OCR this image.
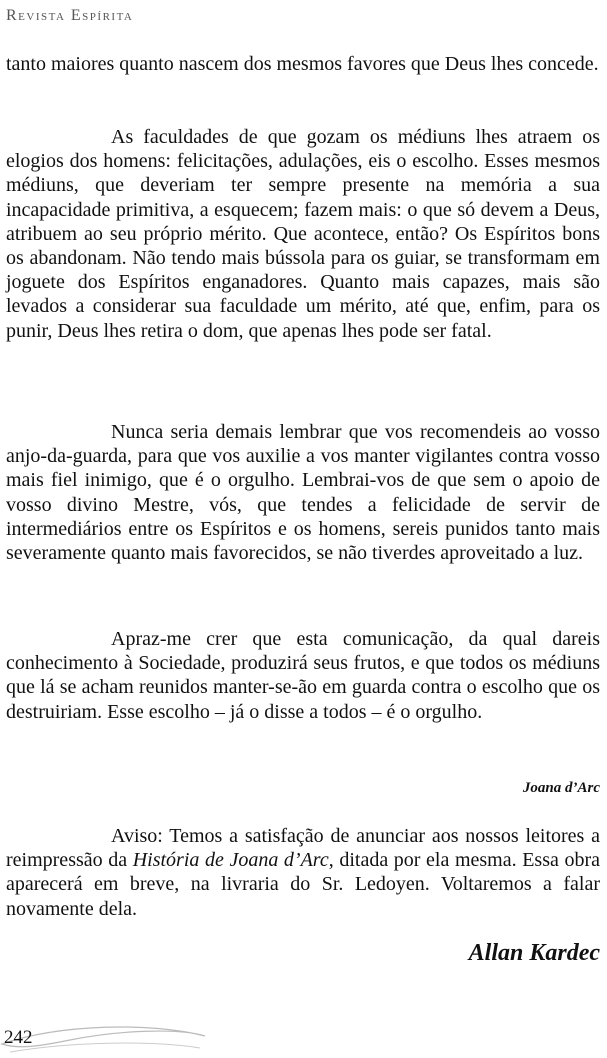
Revista Espírita

tanto maiores quanto nascem dos mesmos favores que Deus lhes concede.

As faculdades de que gozam os médiuns lhes atraem os elogios dos homens: felicitações, adulações, eis o escolho. Esses mesmos médiuns, que deveriam ter sempre presente na memória a sua incapacidade primitiva, a esquecem; fazem mais: o que só devem a Deus, atribuem ao seu próprio mérito. Que acontece, então? Os Espíritos bons os abandonam. Não tendo mais bússola para os guiar, se transformam em joguete dos Espíritos enganadores. Quanto mais capazes, mais são levados a considerar sua faculdade um mérito, até que, enfim, para os punir, Deus lhes retira o dom, que apenas lhes pode ser fatal.

Nunca seria demais lembrar que vos recomendeis ao vosso anjo-da-guarda, para que vos auxilie a vos manter vigilantes contra vosso mais fiel inimigo, que é o orgulho. Lembrai-vos de que sem o apoio de vosso divino Mestre, vós, que tendes a felicidade de servir de intermediários entre os Espíritos e os homens, sereis punidos tanto mais severamente quanto mais favorecidos, se não tiverdes aproveitado a luz.

Apraz-me crer que esta comunicação, da qual dareis conhecimento à Sociedade, produzirá seus frutos, e que todos os médiuns que lá se acham reunidos manter-se-ão em guarda contra o escolho que os destruiriam. Esse escolho – já o disse a todos – é o orgulho.

Joana d’Arc

Aviso: Temos a satisfação de anunciar aos nossos leitores a reimpressão da História de Joana d’Arc, ditada por ela mesma. Essa obra aparecerá em breve, na livraria do Sr. Ledoyen. Voltaremos a falar novamente dela.

Allan Kardec
242
